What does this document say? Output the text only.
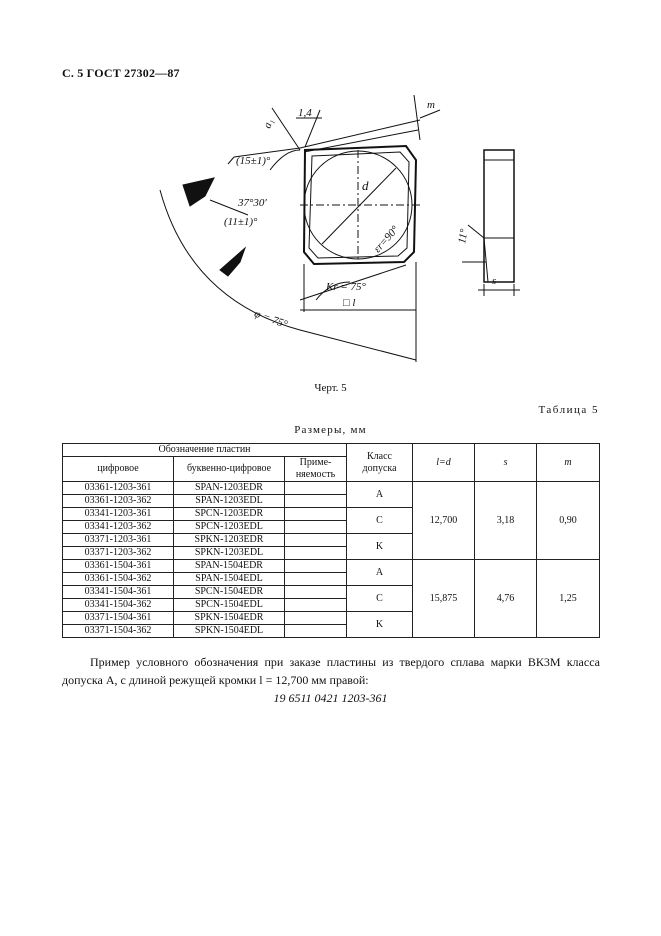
С. 5 ГОСТ 27302—87
1,4
m
a₁
(15±1)°
37°30′
(11±1)°
d
εr=90°
Кr = 75°
□ l
φ = 75°
11°
s
Черт. 5
Таблица 5
Размеры, мм
Обозначение пластин			Класс
допуска	l=d	s	m
цифровое	буквенно-цифровое	Приме-
няемость				
03361-1203-361	SPAN-1203EDR		A	12,700	3,18	0,90
03361-1203-362	SPAN-1203EDL					
03341-1203-361	SPCN-1203EDR		C			
03341-1203-362	SPCN-1203EDL					
03371-1203-361	SPKN-1203EDR		K			
03371-1203-362	SPKN-1203EDL					
03361-1504-361	SPAN-1504EDR		A	15,875	4,76	1,25
03361-1504-362	SPAN-1504EDL					
03341-1504-361	SPCN-1504EDR		C			
03341-1504-362	SPCN-1504EDL					
03371-1504-361	SPKN-1504EDR		K			
03371-1504-362	SPKN-1504EDL					
Пример условного обозначения при заказе пластины из твердого сплава марки ВК3М класса допуска А, с длиной режущей кромки l = 12,700 мм правой:
19 6511 0421 1203-361
